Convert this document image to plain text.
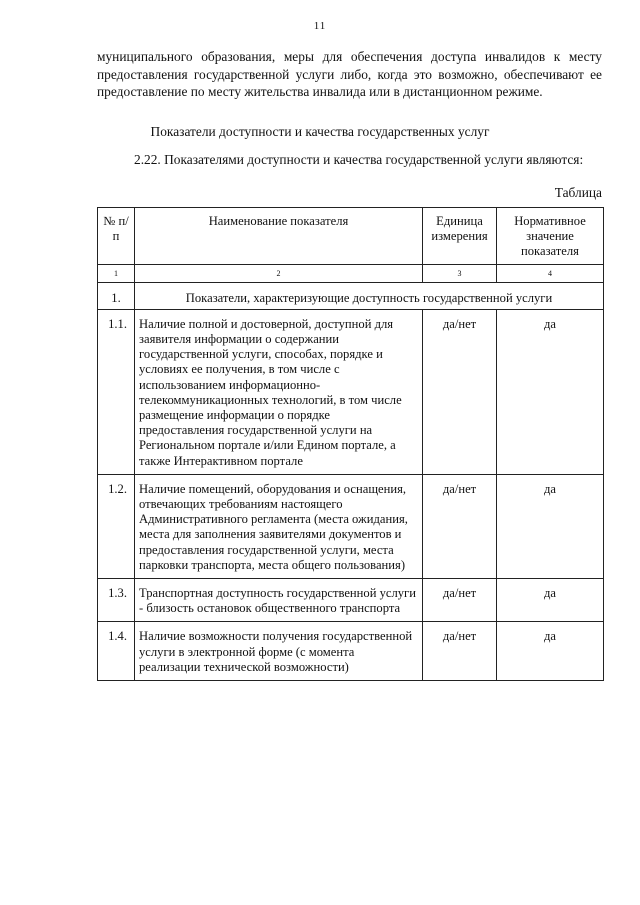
11
муниципального образования, меры для обеспечения доступа инвалидов к месту предоставления государственной услуги либо, когда это возможно, обеспечивают ее предоставление по месту жительства инвалида или в дистанционном режиме.
Показатели доступности и качества государственных услуг
2.22. Показателями доступности и качества государственной услуги являются:
Таблица
№ п/п	Наименование показателя	Единица измерения	Нормативное значение показателя
1	2	3	4
1.	Показатели, характеризующие доступность государственной услуги		
1.1.	Наличие полной и достоверной, доступной для заявителя информации о содержании государственной услуги, способах, порядке и условиях ее получения, в том числе с использованием информационно-телекоммуникационных технологий, в том числе размещение информации о порядке предоставления государственной услуги на Региональном портале и/или Едином портале, а также Интерактивном портале	да/нет	да
1.2.	Наличие помещений, оборудования и оснащения, отвечающих требованиям настоящего Административного регламента (места ожидания, места для заполнения заявителями документов и предоставления государственной услуги, места парковки транспорта, места общего пользования)	да/нет	да
1.3.	Транспортная доступность государственной услуги - близость остановок общественного транспорта	да/нет	да
1.4.	Наличие возможности получения государственной услуги в электронной форме (с момента реализации технической возможности)	да/нет	да
